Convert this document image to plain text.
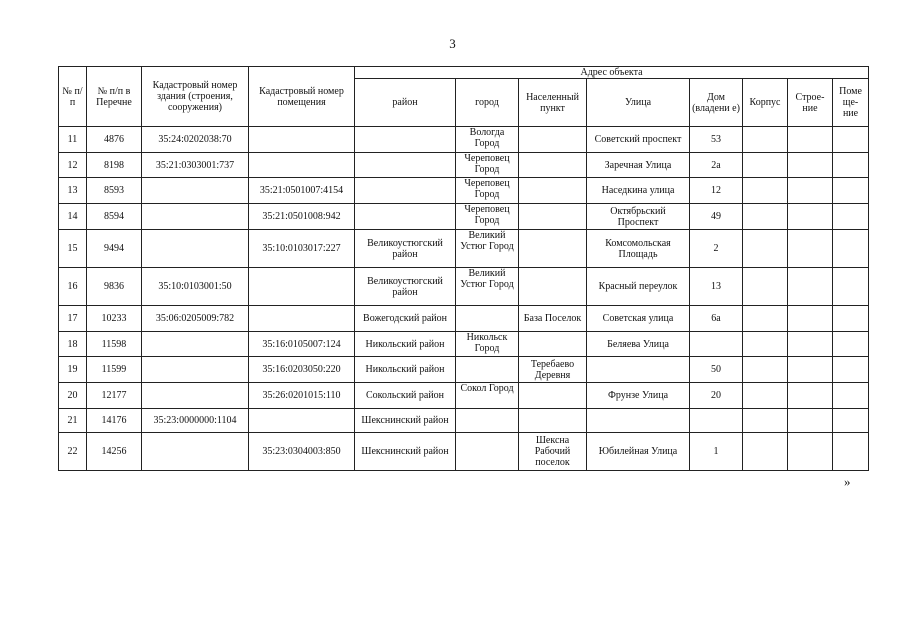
3
№ п/п	№ п/п в Перечне	Кадастровый номер здания (строения, сооружения)	Кадастровый номер помещения	Адрес объекта							
				район	город	Населенный пункт	Улица	Дом (владени е)	Корпус	Строе- ние	Поме ще- ние
11	4876	35:24:0202038:70			Вологда Город		Советский проспект	53			
12	8198	35:21:0303001:737			Череповец Город		Заречная Улица	2а			
13	8593		35:21:0501007:4154		Череповец Город		Наседкина улица	12			
14	8594		35:21:0501008:942		Череповец Город		Октябрьский Проспект	49			
15	9494		35:10:0103017:227	Великоустюгский район	Великий Устюг Город		Комсомольская Площадь	2			
16	9836	35:10:0103001:50		Великоустюгский район	Великий Устюг Город		Красный переулок	13			
17	10233	35:06:0205009:782		Вожегодский район		База Поселок	Советская улица	6а			
18	11598		35:16:0105007:124	Никольский район	Никольск Город		Беляева Улица				
19	11599		35:16:0203050:220	Никольский район		Теребаево Деревня		50			
20	12177		35:26:0201015:110	Сокольский район	Сокол Город		Фрунзе Улица	20			
21	14176	35:23:0000000:1104		Шекснинский район							
22	14256		35:23:0304003:850	Шекснинский район		Шексна Рабочий поселок	Юбилейная Улица	1			
»
